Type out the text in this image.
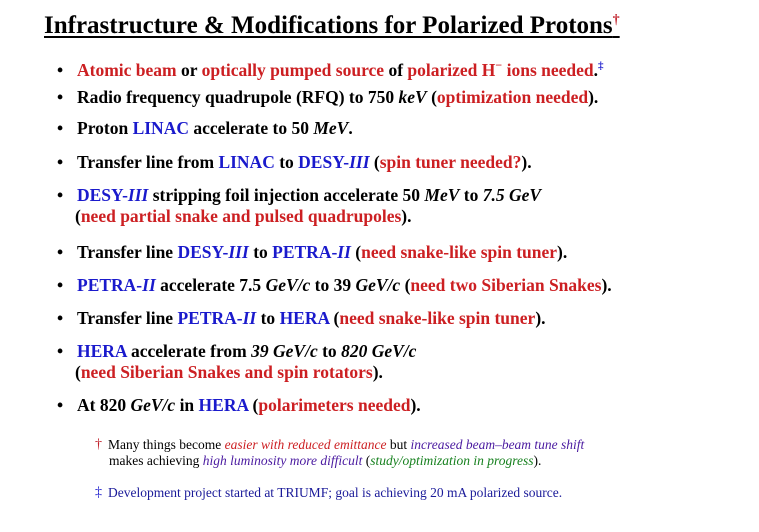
Infrastructure & Modifications for Polarized Protons†
• Atomic beam or optically pumped source of polarized H− ions needed.‡
• Radio frequency quadrupole (RFQ) to 750 keV (optimization needed).
• Proton LINAC accelerate to 50 MeV.
• Transfer line from LINAC to DESY-III (spin tuner needed?).
• DESY-III stripping foil injection accelerate 50 MeV to 7.5 GeV
(need partial snake and pulsed quadrupoles).
• Transfer line DESY-III to PETRA-II (need snake-like spin tuner).
• PETRA-II accelerate 7.5 GeV/c to 39 GeV/c (need two Siberian Snakes).
• Transfer line PETRA-II to HERA (need snake-like spin tuner).
• HERA accelerate from 39 GeV/c to 820 GeV/c
(need Siberian Snakes and spin rotators).
• At 820 GeV/c in HERA (polarimeters needed).
† Many things become easier with reduced emittance but increased beam–beam tune shift
makes achieving high luminosity more difficult (study/optimization in progress).
‡ Development project started at TRIUMF; goal is achieving 20 mA polarized source.
